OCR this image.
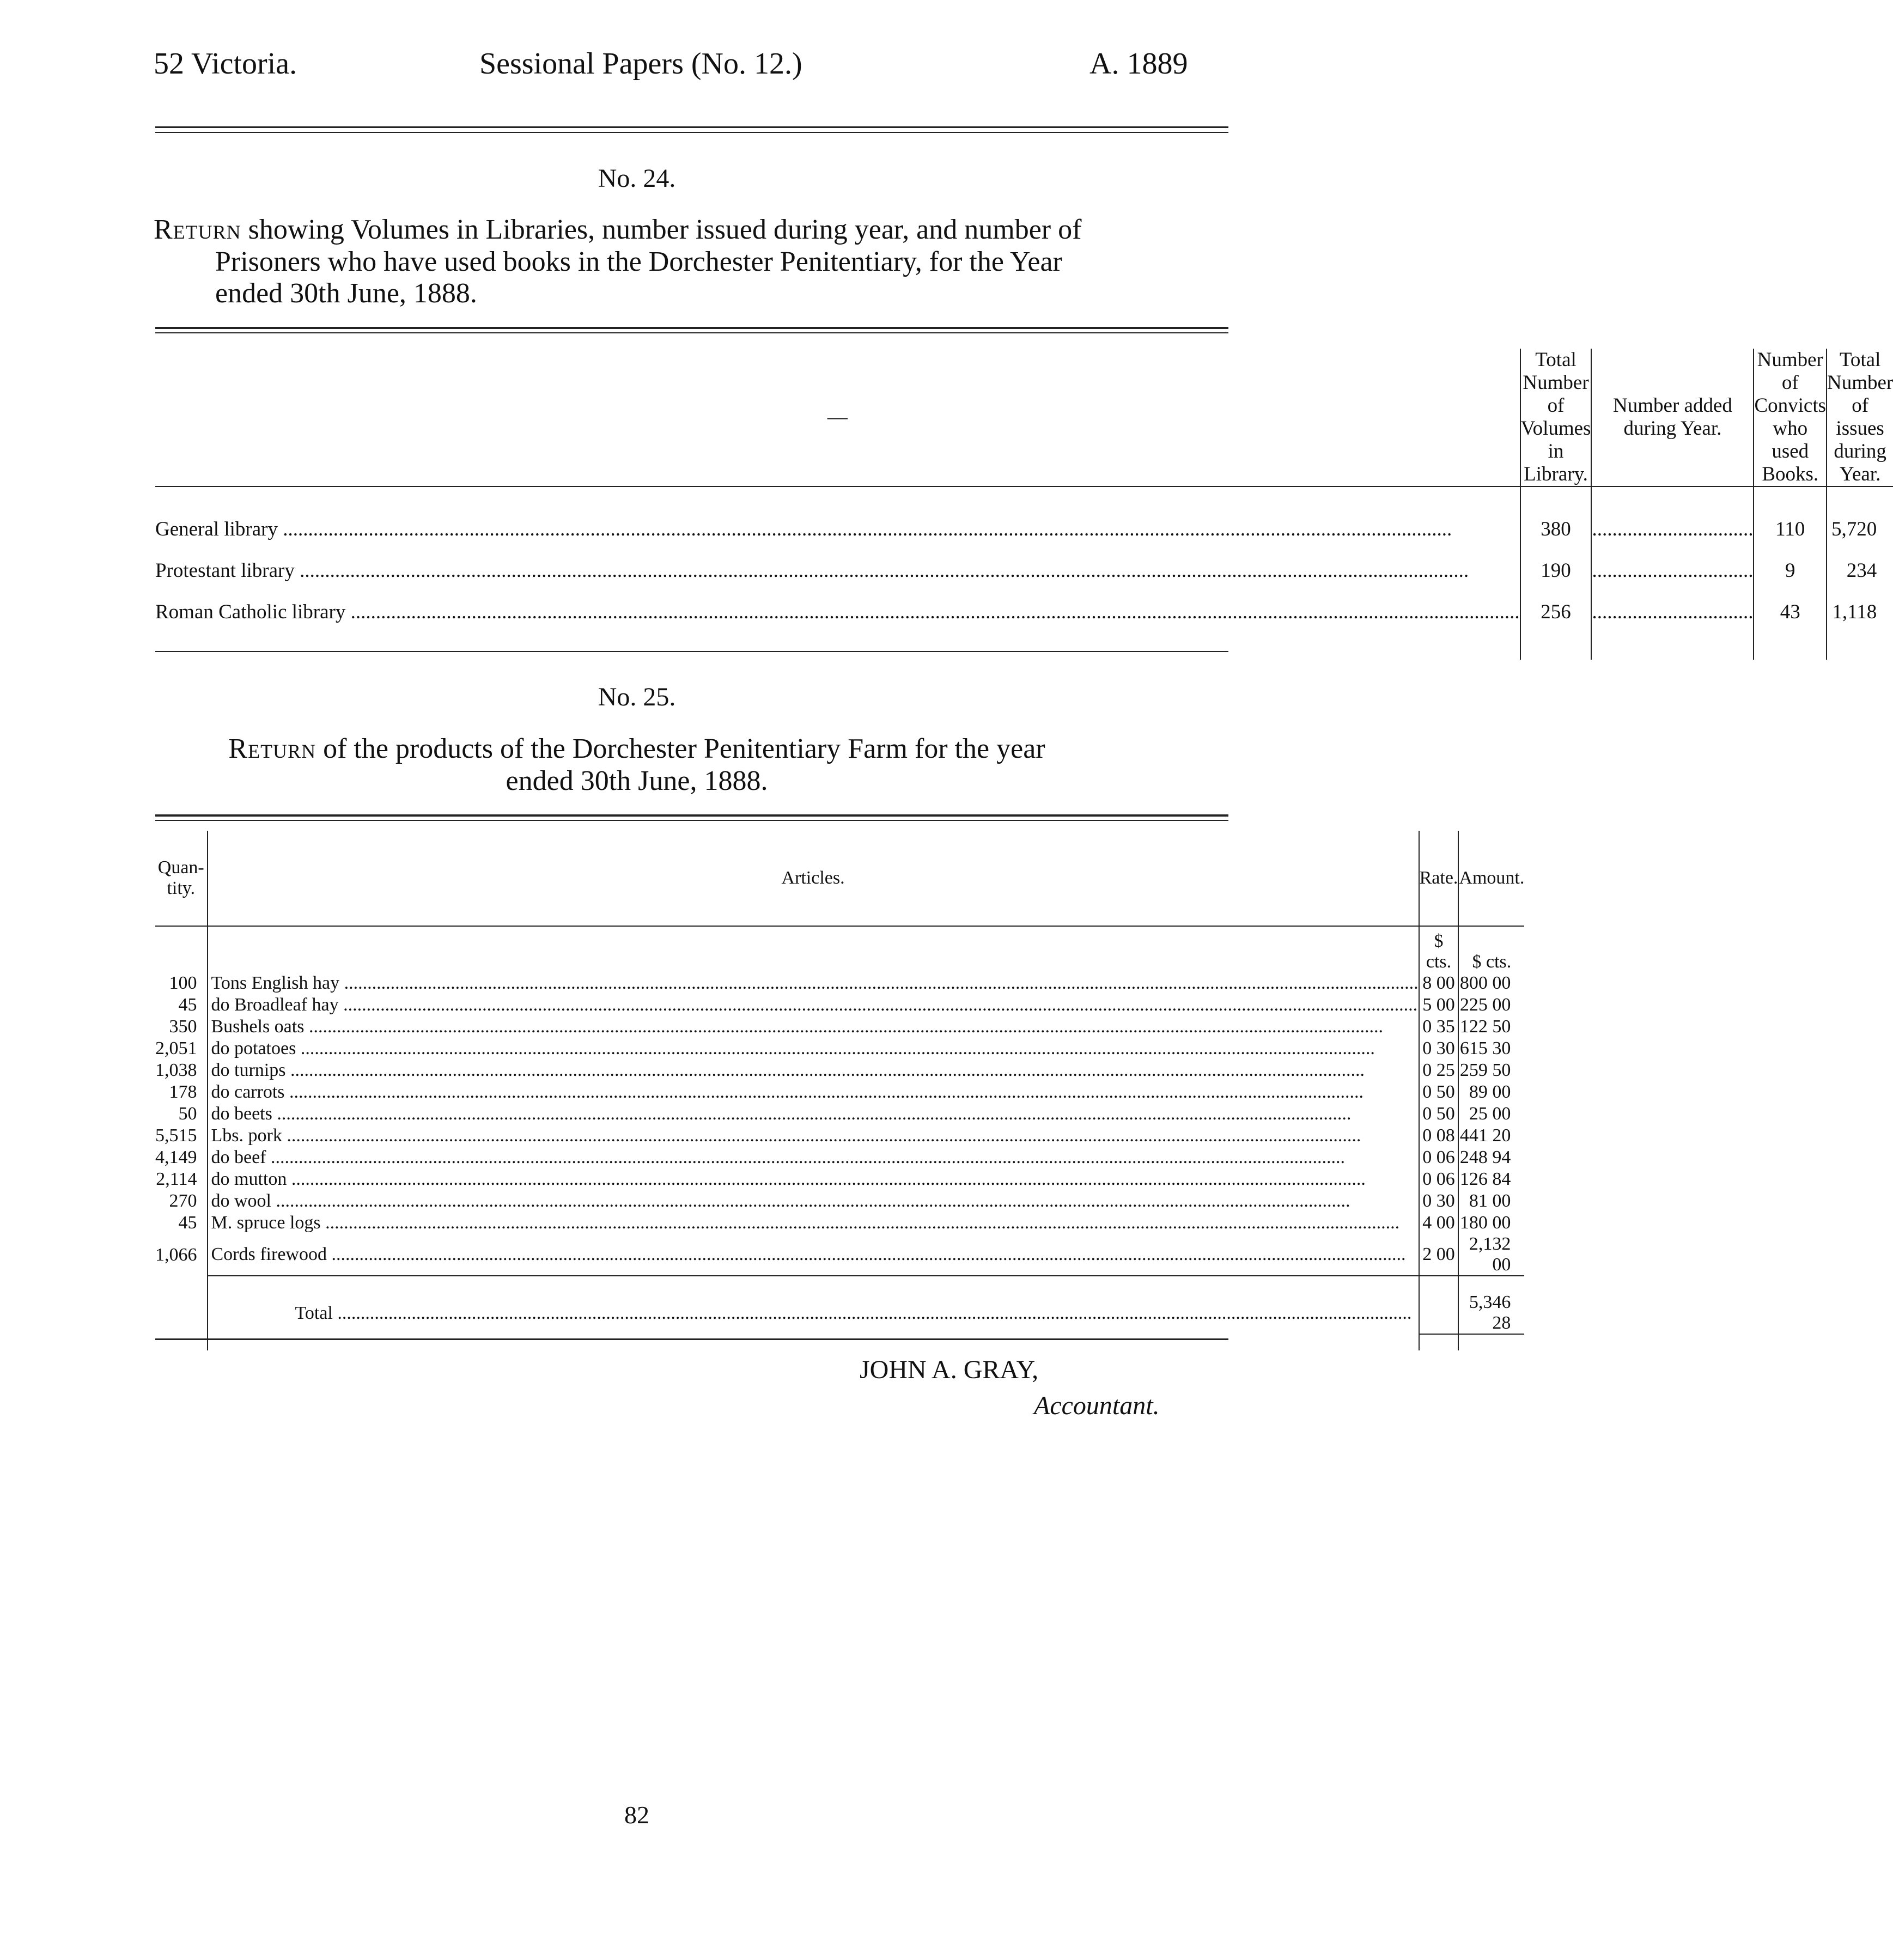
52 Victoria.	Sessional Papers (No. 12.)	A. 1889
No. 24.
Return showing Volumes in Libraries, number issued during year, and number of
Prisoners who have used books in the Dorchester Penitentiary, for the Year
ended 30th June, 1888.
—	Total Number of Volumes in Library.	Number added during Year.	Number of Convicts who used Books.	Total Number of issues during Year.

General library .....	380	................................	110	5,720
Protestant library .....	190	................................	9	234
Roman Catholic library .....	256	................................	43	1,118

No. 25.
Return of the products of the Dorchester Penitentiary Farm for the year
ended 30th June, 1888.
Quan-tity.	Articles.	Rate.	Amount.
		$ cts.	$ cts.
100	Tons English hay .....	8 00	800 00
45	do Broadleaf hay .....	5 00	225 00
350	Bushels oats .....	0 35	122 50
2,051	do potatoes .....	0 30	615 30
1,038	do turnips .....	0 25	259 50
178	do carrots .....	0 50	89 00
50	do beets .....	0 50	25 00
5,515	Lbs. pork .....	0 08	441 20
4,149	do beef .....	0 06	248 94
2,114	do mutton .....	0 06	126 84
270	do wool .....	0 30	81 00
45	M. spruce logs .....	4 00	180 00
1,066	Cords firewood .....	2 00	2,132 00

	Total .....		5,346 28

JOHN A. GRAY,
Accountant.
82
